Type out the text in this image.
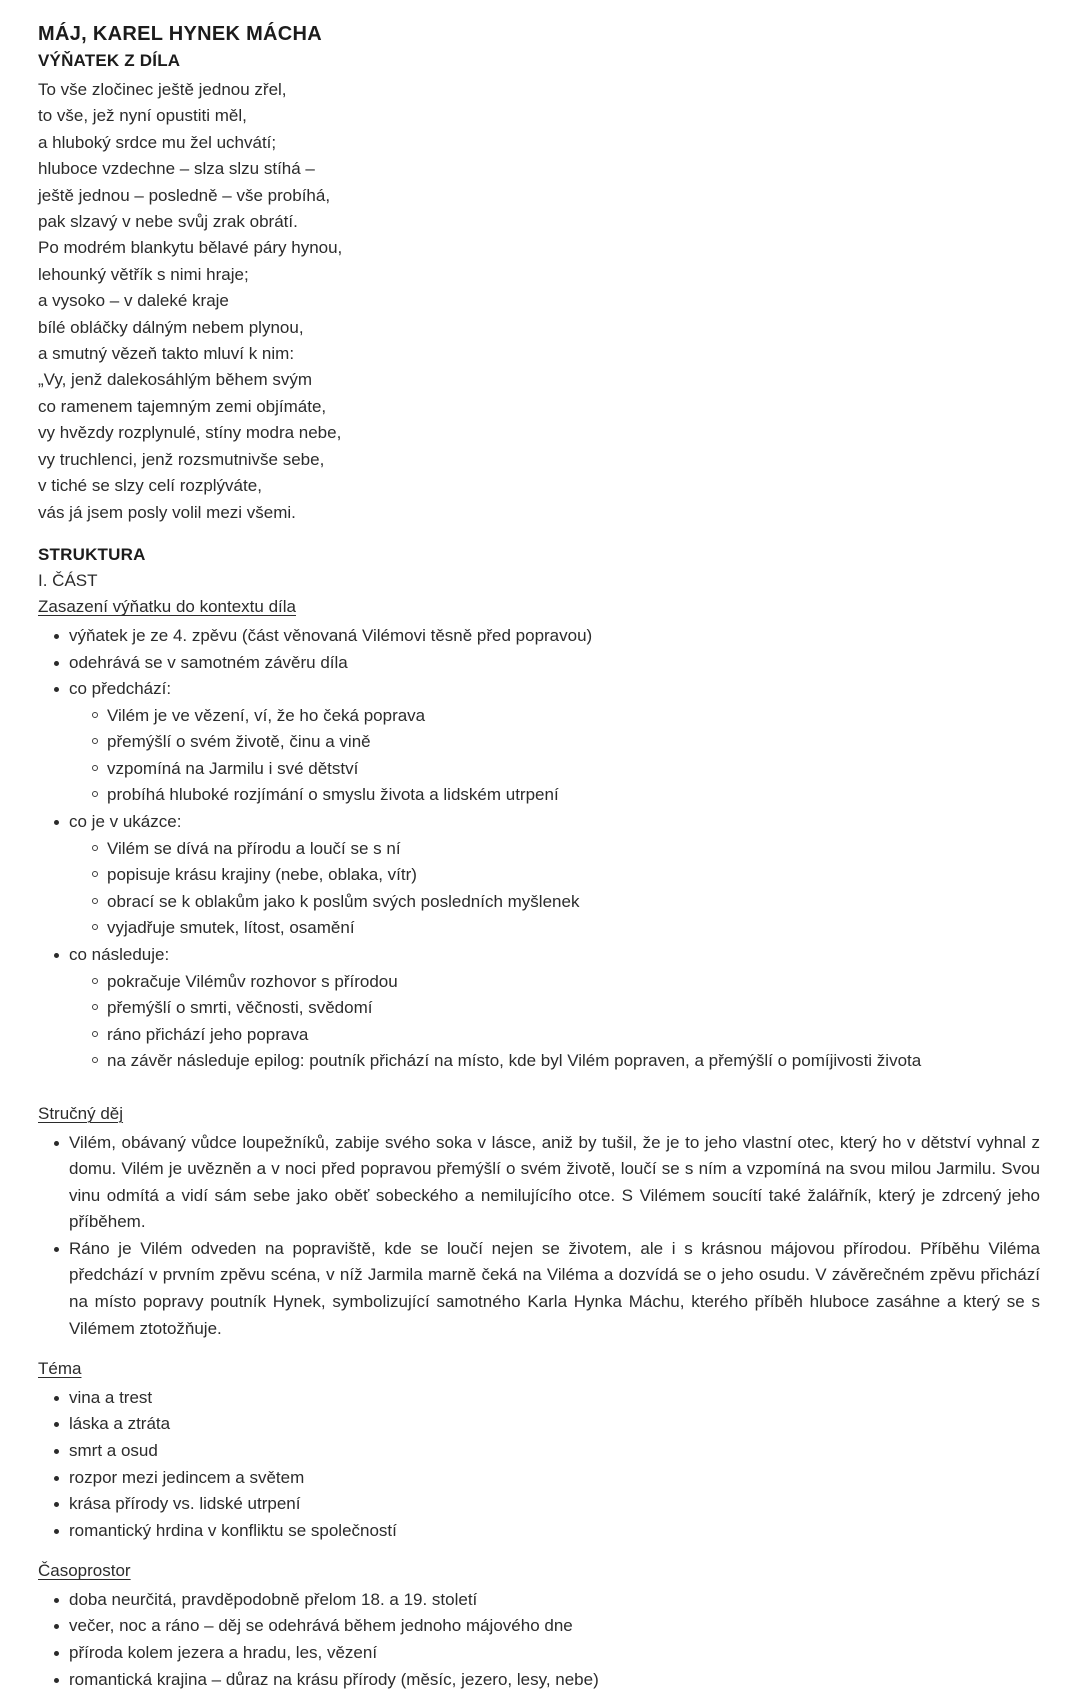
MÁJ, KAREL HYNEK MÁCHA
VÝŇATEK Z DÍLA
To vše zločinec ještě jednou zřel,
to vše, jež nyní opustiti měl,
a hluboký srdce mu žel uchvátí;
hluboce vzdechne – slza slzu stíhá –
ještě jednou – posledně – vše probíhá,
pak slzavý v nebe svůj zrak obrátí.
Po modrém blankytu bělavé páry hynou,
lehounký větřík s nimi hraje;
a vysoko – v daleké kraje
bílé obláčky dálným nebem plynou,
a smutný vězeň takto mluví k nim:
„Vy, jenž dalekosáhlým během svým
co ramenem tajemným zemi objímáte,
vy hvězdy rozplynulé, stíny modra nebe,
vy truchlenci, jenž rozsmutnivše sebe,
v tiché se slzy celí rozplýváte,
vás já jsem posly volil mezi všemi.
STRUKTURA
I. ČÁST
Zasazení výňatku do kontextu díla
výňatek je ze 4. zpěvu (část věnovaná Vilémovi těsně před popravou)
odehrává se v samotném závěru díla
co předchází:
Vilém je ve vězení, ví, že ho čeká poprava
přemýšlí o svém životě, činu a vině
vzpomíná na Jarmilu i své dětství
probíhá hluboké rozjímání o smyslu života a lidském utrpení
co je v ukázce:
Vilém se dívá na přírodu a loučí se s ní
popisuje krásu krajiny (nebe, oblaka, vítr)
obrací se k oblakům jako k poslům svých posledních myšlenek
vyjadřuje smutek, lítost, osamění
co následuje:
pokračuje Vilémův rozhovor s přírodou
přemýšlí o smrti, věčnosti, svědomí
ráno přichází jeho poprava
na závěr následuje epilog: poutník přichází na místo, kde byl Vilém popraven, a přemýšlí o pomíjivosti života
Stručný děj
Vilém, obávaný vůdce loupežníků, zabije svého soka v lásce, aniž by tušil, že je to jeho vlastní otec, který ho v dětství vyhnal z domu. Vilém je uvězněn a v noci před popravou přemýšlí o svém životě, loučí se s ním a vzpomíná na svou milou Jarmilu. Svou vinu odmítá a vidí sám sebe jako oběť sobeckého a nemilujícího otce. S Vilémem soucítí také žalářník, který je zdrcený jeho příběhem.
Ráno je Vilém odveden na popraviště, kde se loučí nejen se životem, ale i s krásnou májovou přírodou. Příběhu Viléma předchází v prvním zpěvu scéna, v níž Jarmila marně čeká na Viléma a dozvídá se o jeho osudu. V závěrečném zpěvu přichází na místo popravy poutník Hynek, symbolizující samotného Karla Hynka Máchu, kterého příběh hluboce zasáhne a který se s Vilémem ztotožňuje.
Téma
vina a trest
láska a ztráta
smrt a osud
rozpor mezi jedincem a světem
krása přírody vs. lidské utrpení
romantický hrdina v konfliktu se společností
Časoprostor
doba neurčitá, pravděpodobně přelom 18. a 19. století
večer, noc a ráno – děj se odehrává během jednoho májového dne
příroda kolem jezera a hradu, les, vězení
romantická krajina – důraz na krásu přírody (měsíc, jezero, lesy, nebe)
